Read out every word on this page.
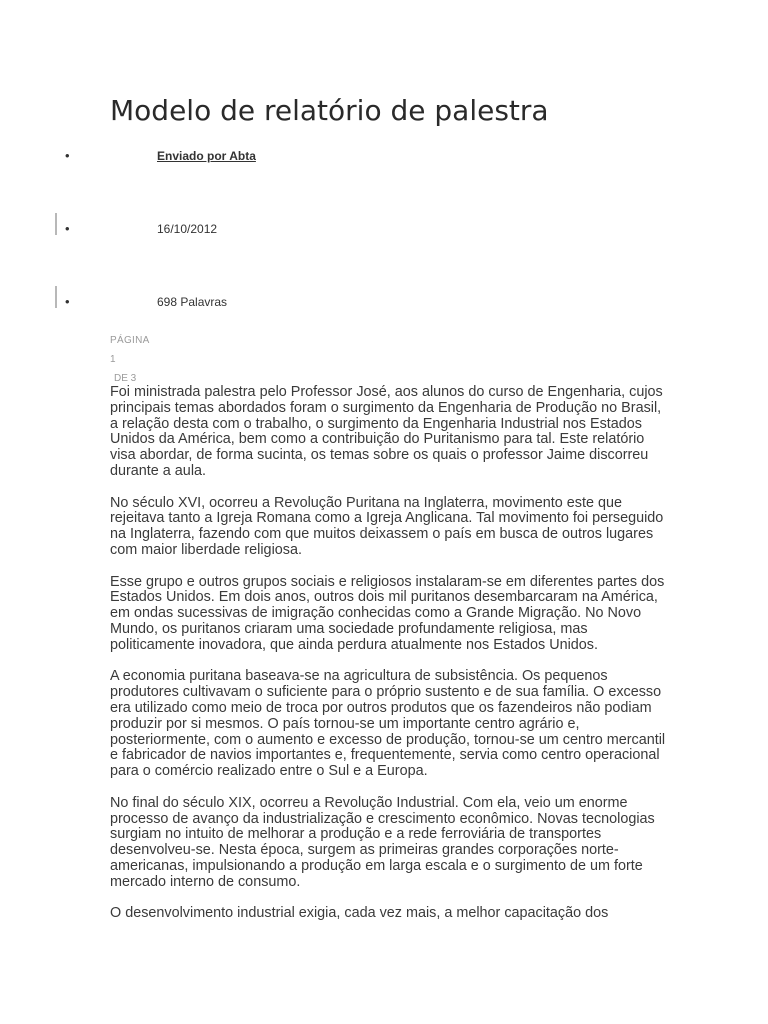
Modelo de relatório de palestra
•	Enviado por Abta
•	16/10/2012
•	698 Palavras
PÁGINA
1
DE 3

Foi ministrada palestra pelo Professor José, aos alunos do curso de Engenharia, cujos principais temas abordados foram o surgimento da Engenharia de Produção no Brasil, a relação desta com o trabalho, o surgimento da Engenharia Industrial nos Estados Unidos da América, bem como a contribuição do Puritanismo para tal. Este relatório visa abordar, de forma sucinta, os temas sobre os quais o professor Jaime discorreu durante a aula.

No século XVI, ocorreu a Revolução Puritana na Inglaterra, movimento este que rejeitava tanto a Igreja Romana como a Igreja Anglicana. Tal movimento foi perseguido na Inglaterra, fazendo com que muitos deixassem o país em busca de outros lugares com maior liberdade religiosa.

Esse grupo e outros grupos sociais e religiosos instalaram-se em diferentes partes dos Estados Unidos. Em dois anos, outros dois mil puritanos desembarcaram na América, em ondas sucessivas de imigração conhecidas como a Grande Migração. No Novo Mundo, os puritanos criaram uma sociedade profundamente religiosa, mas politicamente inovadora, que ainda perdura atualmente nos Estados Unidos.

A economia puritana baseava-se na agricultura de subsistência. Os pequenos produtores cultivavam o suficiente para o próprio sustento e de sua família. O excesso era utilizado como meio de troca por outros produtos que os fazendeiros não podiam produzir por si mesmos. O país tornou-se um importante centro agrário e, posteriormente, com o aumento e excesso de produção, tornou-se um centro mercantil e fabricador de navios importantes e, frequentemente, servia como centro operacional para o comércio realizado entre o Sul e a Europa.

No final do século XIX, ocorreu a Revolução Industrial. Com ela, veio um enorme processo de avanço da industrialização e crescimento econômico. Novas tecnologias surgiam no intuito de melhorar a produção e a rede ferroviária de transportes desenvolveu-se. Nesta época, surgem as primeiras grandes corporações norte-americanas, impulsionando a produção em larga escala e o surgimento de um forte mercado interno de consumo.

O desenvolvimento industrial exigia, cada vez mais, a melhor capacitação dos
